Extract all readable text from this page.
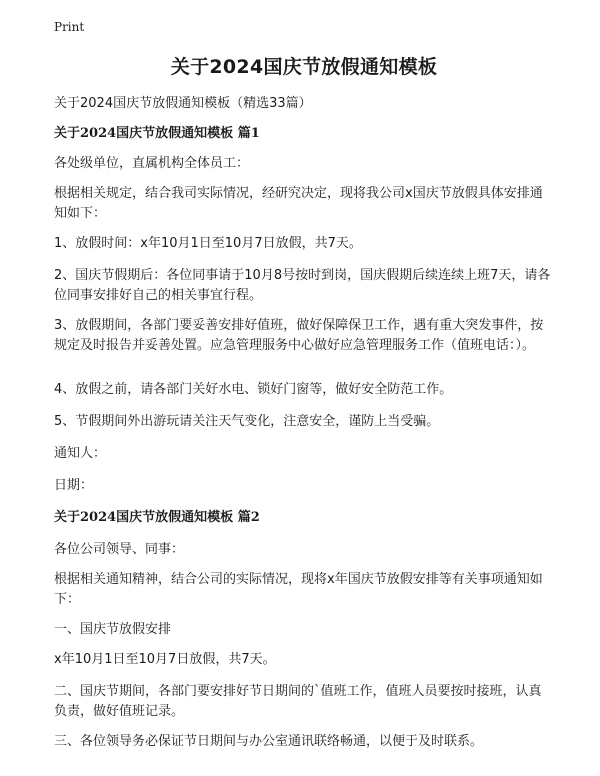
Print
关于2024国庆节放假通知模板

关于2024国庆节放假通知模板（精选33篇）

关于2024国庆节放假通知模板 篇1

各处级单位，直属机构全体员工：

根据相关规定，结合我司实际情况，经研究决定，现将我公司x国庆节放假具体安排通知如下：

1、放假时间：x年10月1日至10月7日放假，共7天。

2、国庆节假期后：各位同事请于10月8号按时到岗，国庆假期后续连续上班7天，请各位同事安排好自己的相关事宜行程。

3、放假期间，各部门要妥善安排好值班，做好保障保卫工作，遇有重大突发事件，按规定及时报告并妥善处置。应急管理服务中心做好应急管理服务工作（值班电话：）。

4、放假之前，请各部门关好水电、锁好门窗等，做好安全防范工作。

5、节假期间外出游玩请关注天气变化，注意安全，谨防上当受骗。

通知人：

日期：

关于2024国庆节放假通知模板 篇2

各位公司领导、同事：

根据相关通知精神，结合公司的实际情况，现将x年国庆节放假安排等有关事项通知如下：

一、国庆节放假安排

x年10月1日至10月7日放假，共7天。

二、国庆节期间，各部门要安排好节日期间的`值班工作，值班人员要按时接班，认真负责，做好值班记录。

三、各位领导务必保证节日期间与办公室通讯联络畅通，以便于及时联系。
